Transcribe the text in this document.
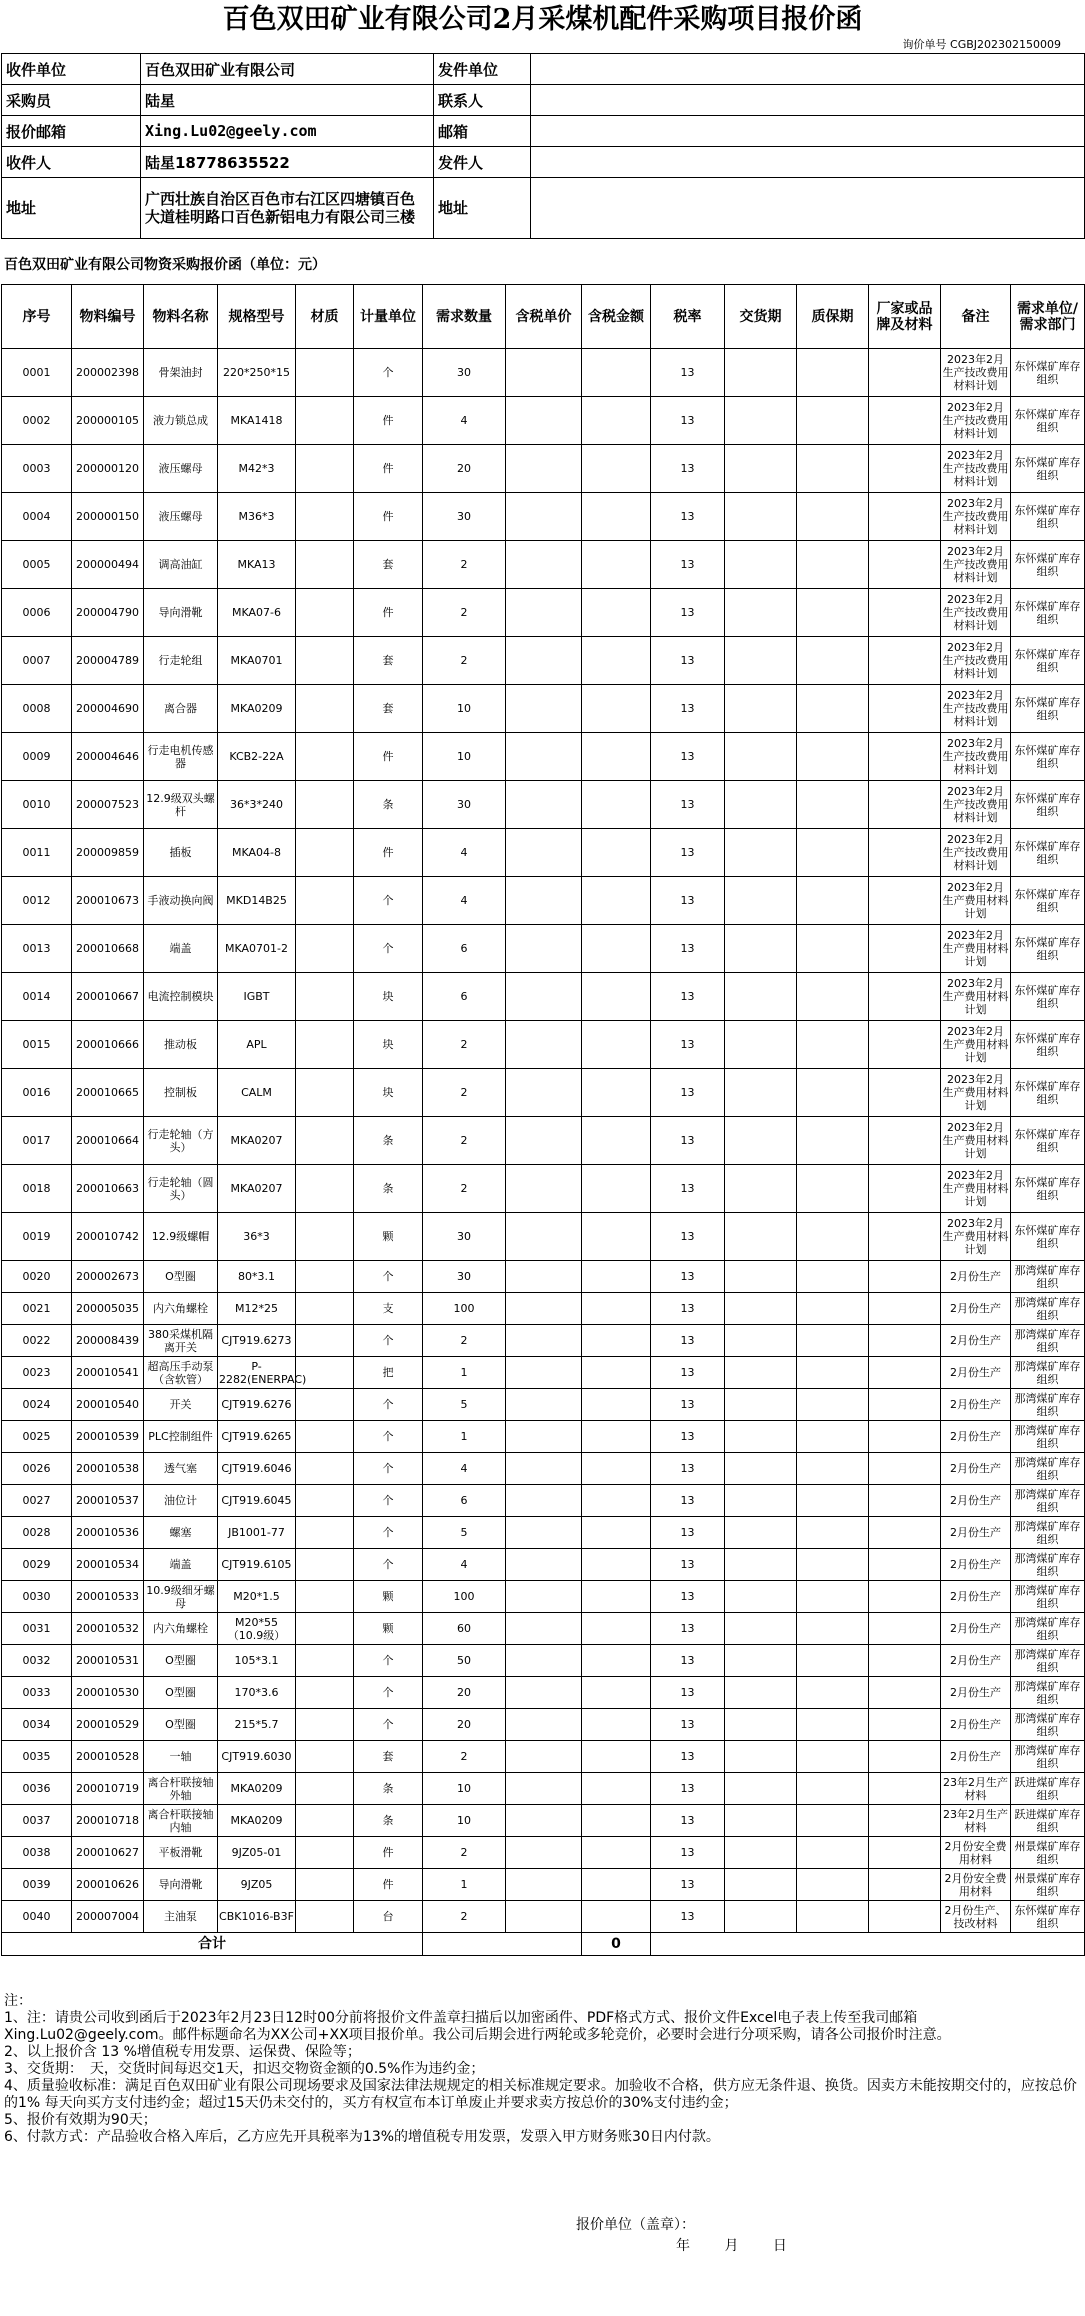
百色双田矿业有限公司2月采煤机配件采购项目报价函
询价单号 CGBJ202302150009
收件单位	百色双田矿业有限公司	发件单位	
采购员	陆星	联系人	
报价邮箱	Xing.Lu02@geely.com	邮箱	
收件人	陆星18778635522	发件人	
地址	广西壮族自治区百色市右江区四塘镇百色大道桂明路口百色新铝电力有限公司三楼	地址	
百色双田矿业有限公司物资采购报价函（单位：元）
序号	物料编号	物料名称	规格型号	材质	计量单位	需求数量	含税单价	含税金额	税率	交货期	质保期	厂家或品牌及材料	备注	需求单位/需求部门
0001	200002398	骨架油封	220*250*15		个	30			13				2023年2月生产技改费用材料计划	东怀煤矿库存组织
0002	200000105	液力锁总成	MKA1418		件	4			13				2023年2月生产技改费用材料计划	东怀煤矿库存组织
0003	200000120	液压螺母	M42*3		件	20			13				2023年2月生产技改费用材料计划	东怀煤矿库存组织
0004	200000150	液压螺母	M36*3		件	30			13				2023年2月生产技改费用材料计划	东怀煤矿库存组织
0005	200000494	调高油缸	MKA13		套	2			13				2023年2月生产技改费用材料计划	东怀煤矿库存组织
0006	200004790	导向滑靴	MKA07-6		件	2			13				2023年2月生产技改费用材料计划	东怀煤矿库存组织
0007	200004789	行走轮组	MKA0701		套	2			13				2023年2月生产技改费用材料计划	东怀煤矿库存组织
0008	200004690	离合器	MKA0209		套	10			13				2023年2月生产技改费用材料计划	东怀煤矿库存组织
0009	200004646	行走电机传感器	KCB2-22A		件	10			13				2023年2月生产技改费用材料计划	东怀煤矿库存组织
0010	200007523	12.9级双头螺杆	36*3*240		条	30			13				2023年2月生产技改费用材料计划	东怀煤矿库存组织
0011	200009859	插板	MKA04-8		件	4			13				2023年2月生产技改费用材料计划	东怀煤矿库存组织
0012	200010673	手液动换向阀	MKD14B25		个	4			13				2023年2月生产费用材料计划	东怀煤矿库存组织
0013	200010668	端盖	MKA0701-2		个	6			13				2023年2月生产费用材料计划	东怀煤矿库存组织
0014	200010667	电流控制模块	IGBT		块	6			13				2023年2月生产费用材料计划	东怀煤矿库存组织
0015	200010666	推动板	APL		块	2			13				2023年2月生产费用材料计划	东怀煤矿库存组织
0016	200010665	控制板	CALM		块	2			13				2023年2月生产费用材料计划	东怀煤矿库存组织
0017	200010664	行走轮轴（方头）	MKA0207		条	2			13				2023年2月生产费用材料计划	东怀煤矿库存组织
0018	200010663	行走轮轴（圆头）	MKA0207		条	2			13				2023年2月生产费用材料计划	东怀煤矿库存组织
0019	200010742	12.9级螺帽	36*3		颗	30			13				2023年2月生产费用材料计划	东怀煤矿库存组织
0020	200002673	O型圈	80*3.1		个	30			13				2月份生产	那湾煤矿库存组织
0021	200005035	内六角螺栓	M12*25		支	100			13				2月份生产	那湾煤矿库存组织
0022	200008439	380采煤机隔离开关	CJT919.6273		个	2			13				2月份生产	那湾煤矿库存组织
0023	200010541	超高压手动泵（含软管）	P-2282(ENERPAC)		把	1			13				2月份生产	那湾煤矿库存组织
0024	200010540	开关	CJT919.6276		个	5			13				2月份生产	那湾煤矿库存组织
0025	200010539	PLC控制组件	CJT919.6265		个	1			13				2月份生产	那湾煤矿库存组织
0026	200010538	透气塞	CJT919.6046		个	4			13				2月份生产	那湾煤矿库存组织
0027	200010537	油位计	CJT919.6045		个	6			13				2月份生产	那湾煤矿库存组织
0028	200010536	螺塞	JB1001-77		个	5			13				2月份生产	那湾煤矿库存组织
0029	200010534	端盖	CJT919.6105		个	4			13				2月份生产	那湾煤矿库存组织
0030	200010533	10.9级细牙螺母	M20*1.5		颗	100			13				2月份生产	那湾煤矿库存组织
0031	200010532	内六角螺栓	M20*55（10.9级）		颗	60			13				2月份生产	那湾煤矿库存组织
0032	200010531	O型圈	105*3.1		个	50			13				2月份生产	那湾煤矿库存组织
0033	200010530	O型圈	170*3.6		个	20			13				2月份生产	那湾煤矿库存组织
0034	200010529	O型圈	215*5.7		个	20			13				2月份生产	那湾煤矿库存组织
0035	200010528	一轴	CJT919.6030		套	2			13				2月份生产	那湾煤矿库存组织
0036	200010719	离合杆联接轴外轴	MKA0209		条	10			13				23年2月生产材料	跃进煤矿库存组织
0037	200010718	离合杆联接轴内轴	MKA0209		条	10			13				23年2月生产材料	跃进煤矿库存组织
0038	200010627	平板滑靴	9JZ05-01		件	2			13				2月份安全费用材料	州景煤矿库存组织
0039	200010626	导向滑靴	9JZ05		件	1			13				2月份安全费用材料	州景煤矿库存组织
0040	200007004	主油泵	CBK1016-B3F		台	2			13				2月份生产、技改材料	东怀煤矿库存组织
合计								0						
注：
1、注：请贵公司收到函后于2023年2月23日12时00分前将报价文件盖章扫描后以加密函件、PDF格式方式、报价文件Excel电子表上传至我司邮箱Xing.Lu02@geely.com。邮件标题命名为XX公司+XX项目报价单。我公司后期会进行两轮或多轮竞价，必要时会进行分项采购，请各公司报价时注意。
2、以上报价含 13 %增值税专用发票、运保费、保险等；
3、交货期：　天，交货时间每迟交1天，扣迟交物资金额的0.5%作为违约金；
4、质量验收标准：满足百色双田矿业有限公司现场要求及国家法律法规规定的相关标准规定要求。加验收不合格，供方应无条件退、换货。因卖方未能按期交付的，应按总价的1% 每天向买方支付违约金；超过15天仍未交付的，买方有权宣布本订单废止并要求卖方按总价的30%支付违约金；
5、报价有效期为90天；
6、付款方式：产品验收合格入库后，乙方应先开具税率为13%的增值税专用发票，发票入甲方财务账30日内付款。
报价单位（盖章）：
年 月 日
